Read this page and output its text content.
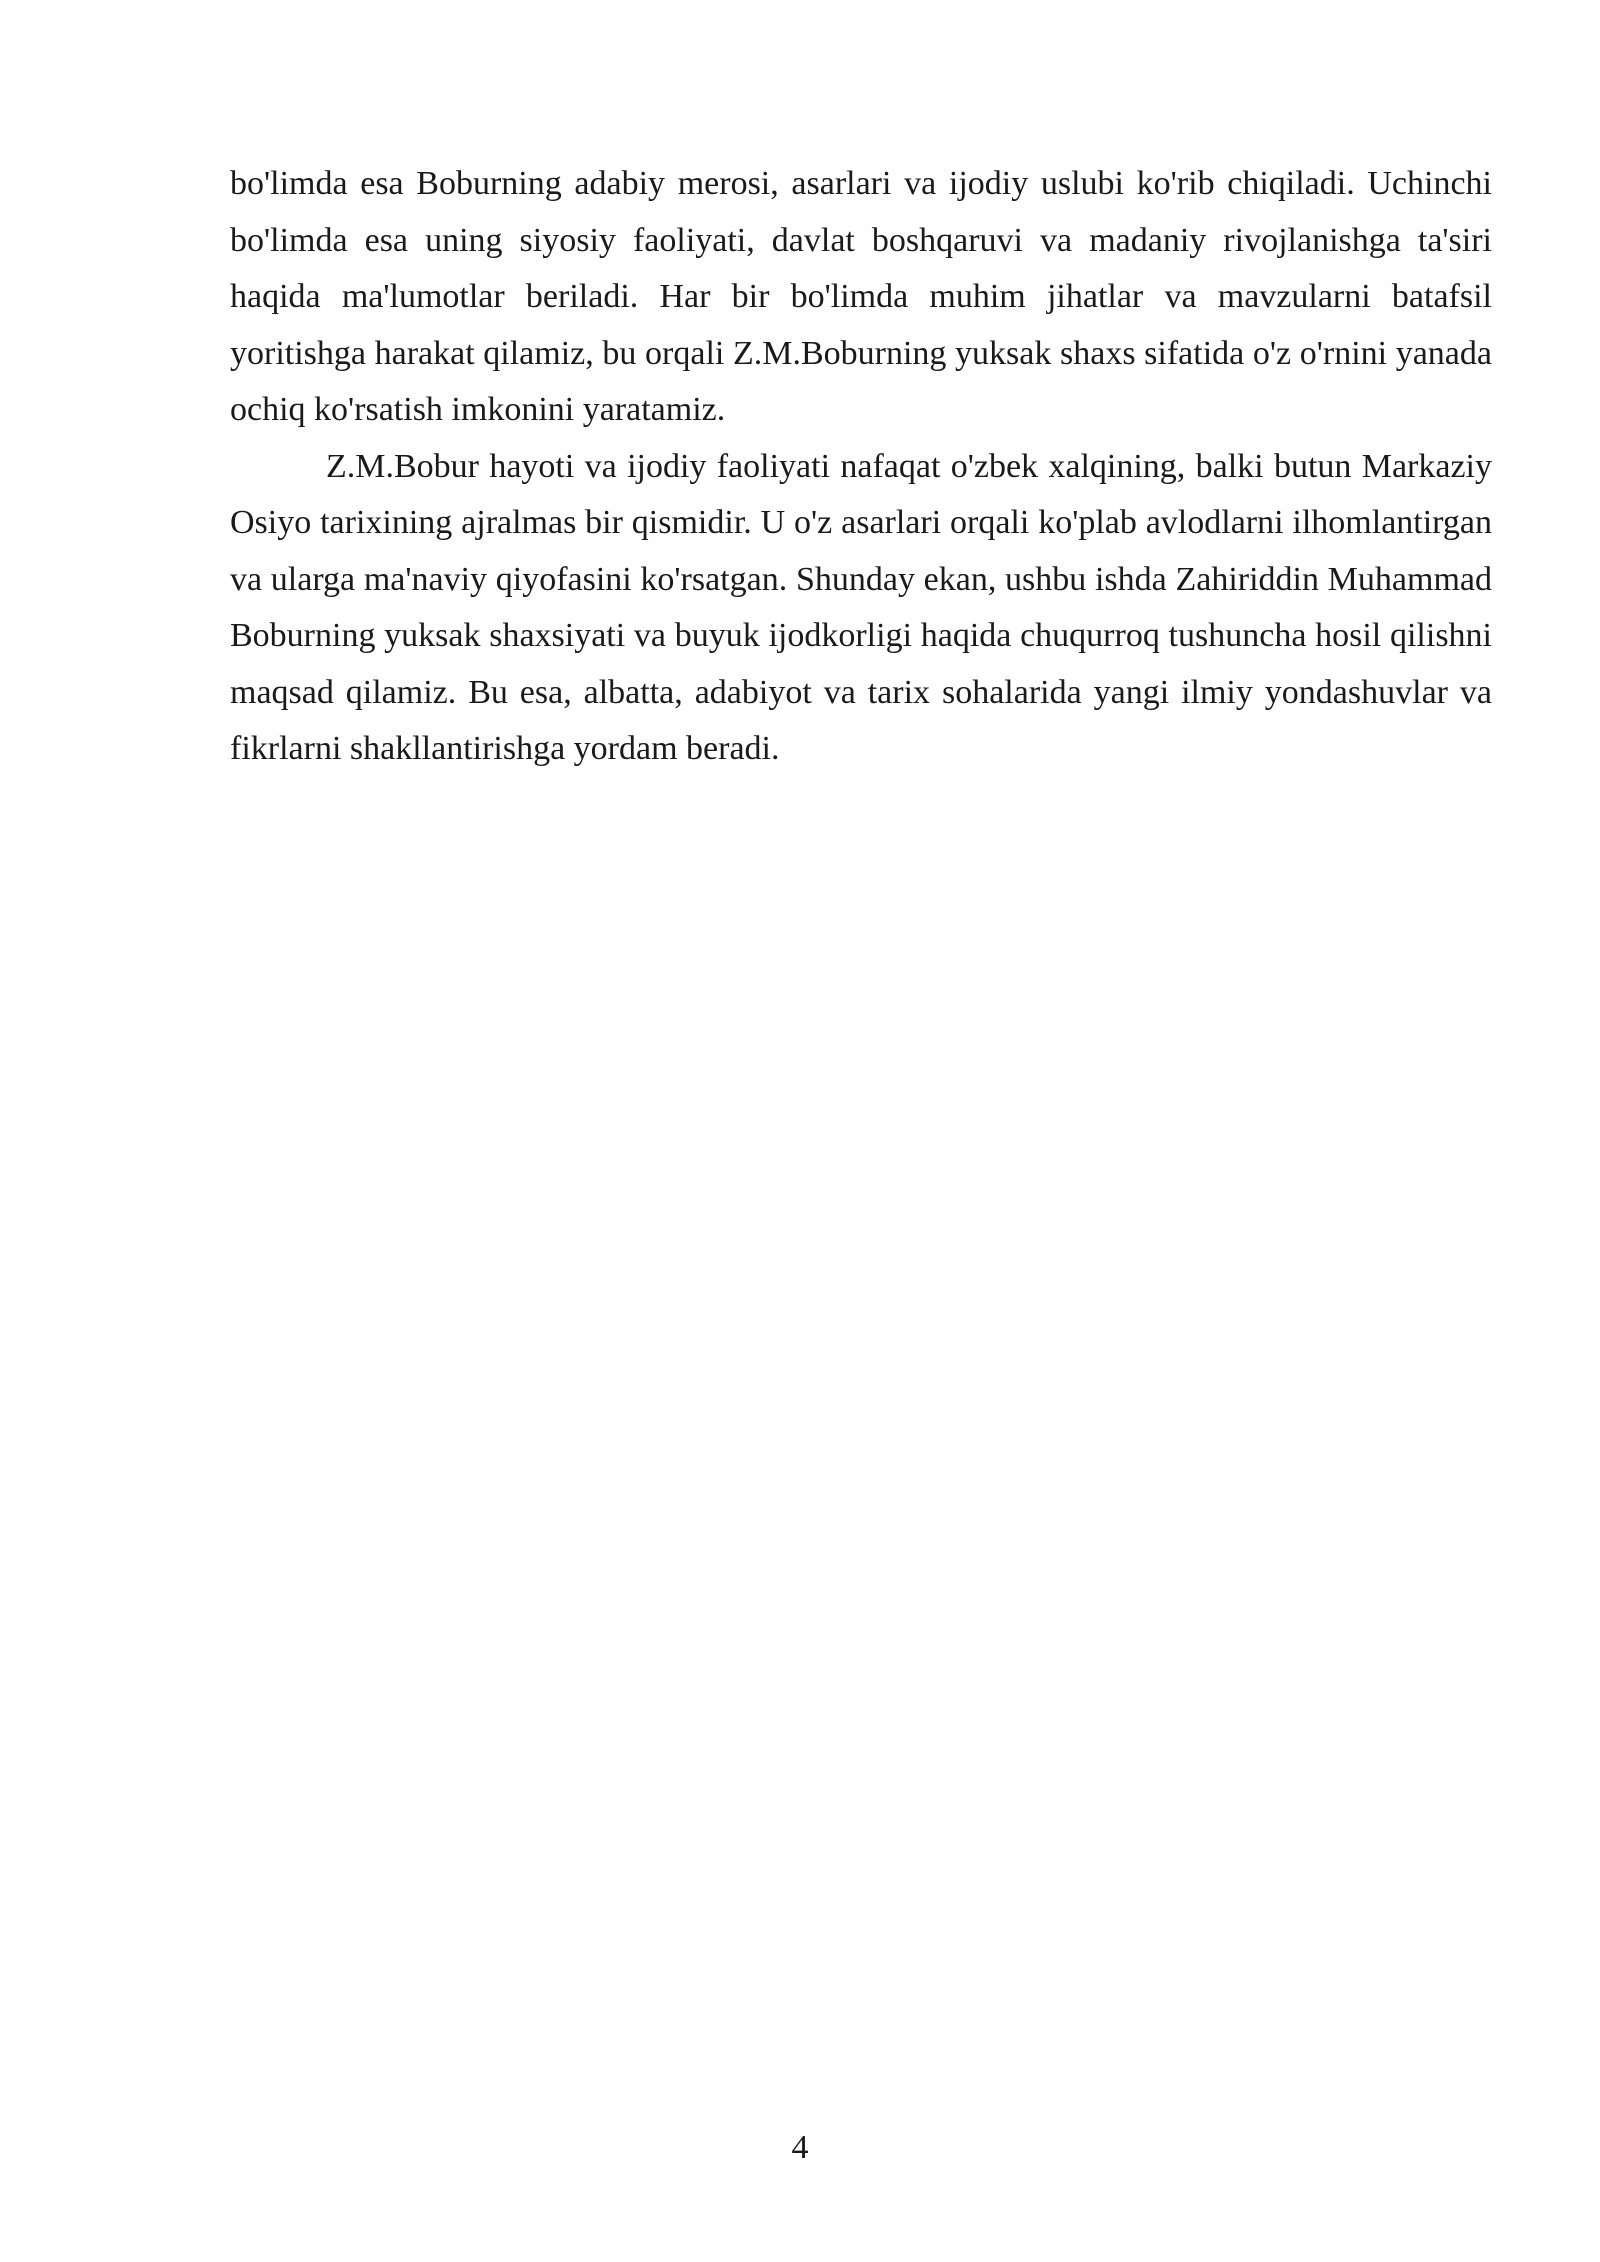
bo'limda esa Boburning adabiy merosi, asarlari va ijodiy uslubi ko'rib chiqiladi. Uchinchi bo'limda esa uning siyosiy faoliyati, davlat boshqaruvi va madaniy rivojlanishga ta'siri haqida ma'lumotlar beriladi. Har bir bo'limda muhim jihatlar va mavzularni batafsil yoritishga harakat qilamiz, bu orqali Z.M.Boburning yuksak shaxs sifatida o'z o'rnini yanada ochiq ko'rsatish imkonini yaratamiz.

Z.M.Bobur hayoti va ijodiy faoliyati nafaqat o'zbek xalqining, balki butun Markaziy Osiyo tarixining ajralmas bir qismidir. U o'z asarlari orqali ko'plab avlodlarni ilhomlantirgan va ularga ma'naviy qiyofasini ko'rsatgan. Shunday ekan, ushbu ishda Zahiriddin Muhammad Boburning yuksak shaxsiyati va buyuk ijodkorligi haqida chuqurroq tushuncha hosil qilishni maqsad qilamiz. Bu esa, albatta, adabiyot va tarix sohalarida yangi ilmiy yondashuvlar va fikrlarni shakllantirishga yordam beradi.

4
